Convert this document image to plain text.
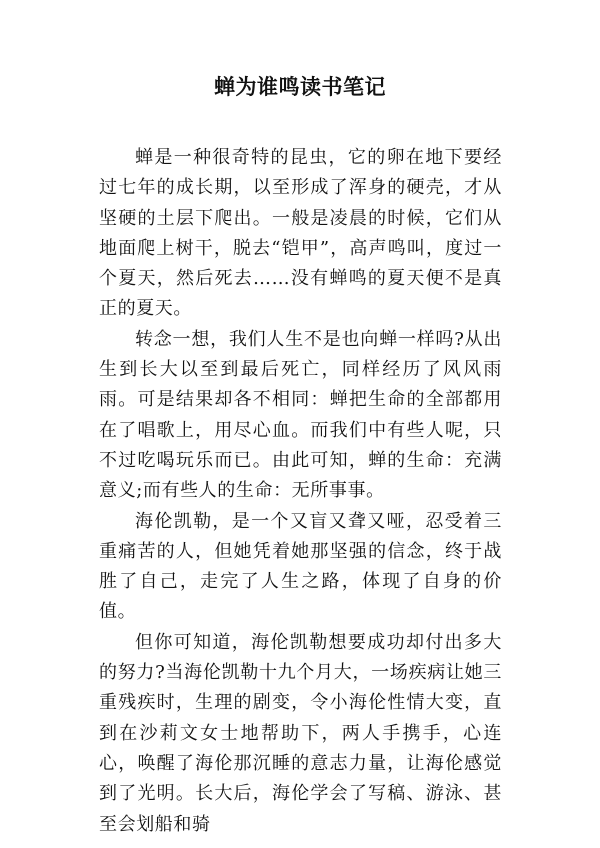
蝉为谁鸣读书笔记

蝉是一种很奇特的昆虫，它的卵在地下要经过七年的成长期，以至形成了浑身的硬壳，才从坚硬的土层下爬出。一般是凌晨的时候，它们从地面爬上树干，脱去“铠甲”，高声鸣叫，度过一个夏天，然后死去……没有蝉鸣的夏天便不是真正的夏天。

转念一想，我们人生不是也向蝉一样吗?从出生到长大以至到最后死亡，同样经历了风风雨雨。可是结果却各不相同：蝉把生命的全部都用在了唱歌上，用尽心血。而我们中有些人呢，只不过吃喝玩乐而已。由此可知，蝉的生命：充满意义;而有些人的生命：无所事事。

海伦凯勒，是一个又盲又聋又哑，忍受着三重痛苦的人，但她凭着她那坚强的信念，终于战胜了自己，走完了人生之路，体现了自身的价值。

但你可知道，海伦凯勒想要成功却付出多大的努力?当海伦凯勒十九个月大，一场疾病让她三重残疾时，生理的剧变，令小海伦性情大变，直到在沙莉文女士地帮助下，两人手携手，心连心，唤醒了海伦那沉睡的意志力量，让海伦感觉到了光明。长大后，海伦学会了写稿、游泳、甚至会划船和骑
